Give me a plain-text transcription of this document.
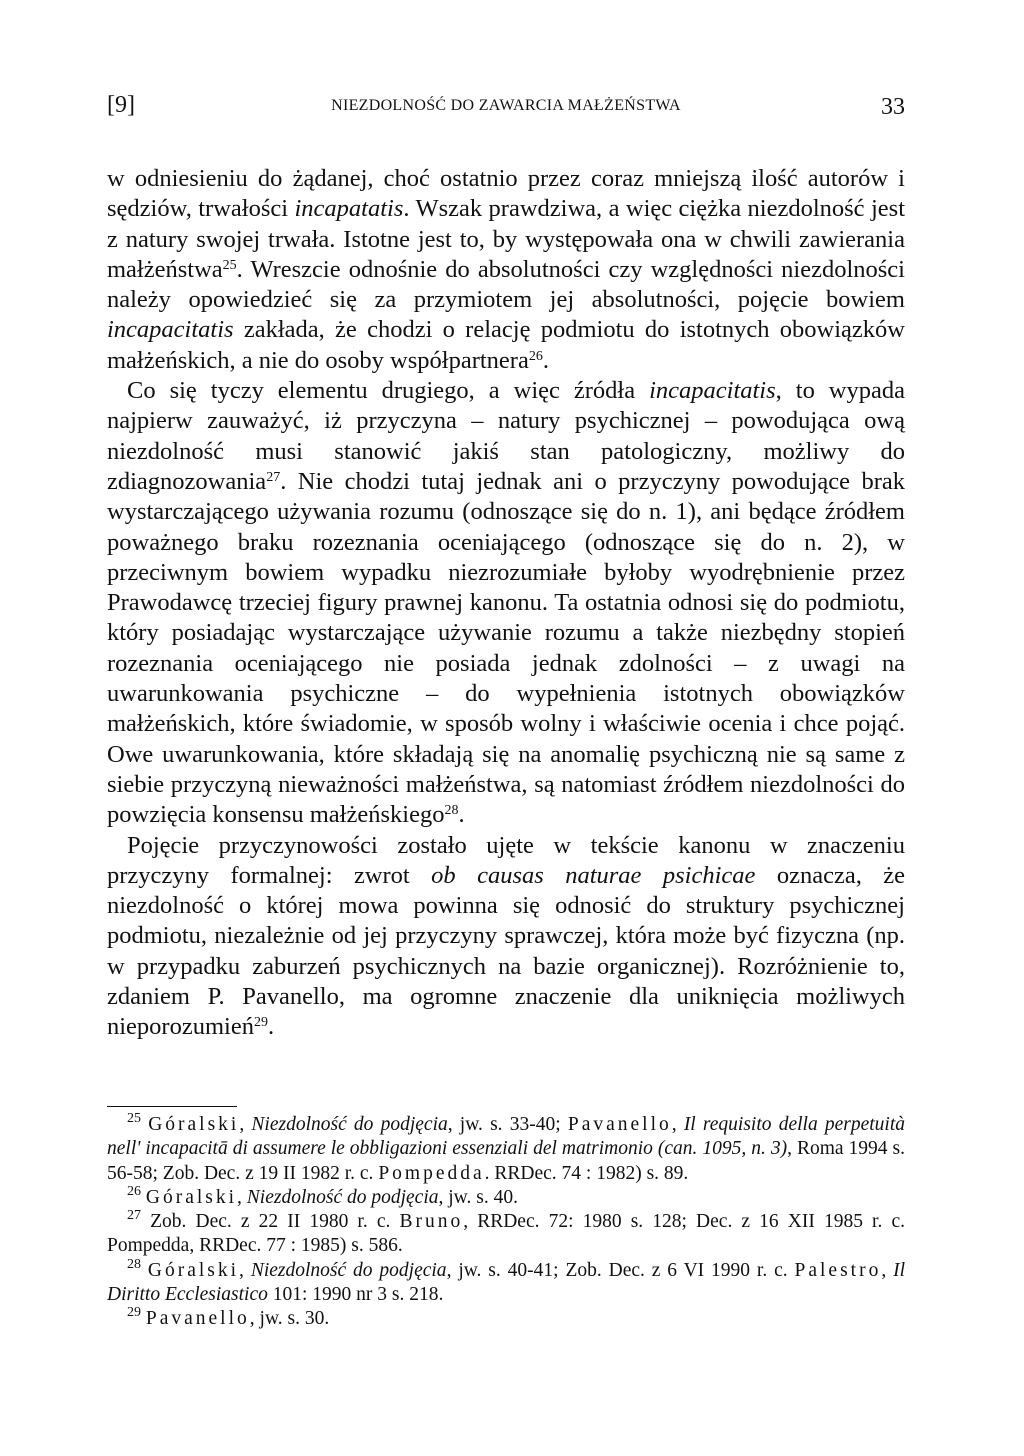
[9]	NIEZDOLNOŚĆ DO ZAWARCIA MAŁŻEŃSTWA	33

w odniesieniu do żądanej, choć ostatnio przez coraz mniejszą ilość autorów i sędziów, trwałości incapatatis. Wszak prawdziwa, a więc ciężka niezdolność jest z natury swojej trwała. Istotne jest to, by występowała ona w chwili zawierania małżeństwa$^{25}$. Wreszcie odnośnie do absolutności czy względności niezdolności należy opowiedzieć się za przymiotem jej absolutności, pojęcie bowiem incapacitatis zakłada, że chodzi o relację podmiotu do istotnych obowiązków małżeńskich, a nie do osoby współpartnera$^{26}$.

Co się tyczy elementu drugiego, a więc źródła incapacitatis, to wypada najpierw zauważyć, iż przyczyna – natury psychicznej – powodująca ową niezdolność musi stanowić jakiś stan patologiczny, możliwy do zdiagnozowania$^{27}$. Nie chodzi tutaj jednak ani o przyczyny powodujące brak wystarczającego używania rozumu (odnoszące się do n. 1), ani będące źródłem poważnego braku rozeznania oceniającego (odnoszące się do n. 2), w przeciwnym bowiem wypadku niezrozumiałe byłoby wyodrębnienie przez Prawodawcę trzeciej figury prawnej kanonu. Ta ostatnia odnosi się do podmiotu, który posiadając wystarczające używanie rozumu a także niezbędny stopień rozeznania oceniającego nie posiada jednak zdolności – z uwagi na uwarunkowania psychiczne – do wypełnienia istotnych obowiązków małżeńskich, które świadomie, w sposób wolny i właściwie ocenia i chce pojąć. Owe uwarunkowania, które składają się na anomalię psychiczną nie są same z siebie przyczyną nieważności małżeństwa, są natomiast źródłem niezdolności do powzięcia konsensu małżeńskiego$^{28}$.

Pojęcie przyczynowości zostało ujęte w tekście kanonu w znaczeniu przyczyny formalnej: zwrot ob causas naturae psichicae oznacza, że niezdolność o której mowa powinna się odnosić do struktury psychicznej podmiotu, niezależnie od jej przyczyny sprawczej, która może być fizyczna (np. w przypadku zaburzeń psychicznych na bazie organicznej). Rozróżnienie to, zdaniem P. Pavanello, ma ogromne znaczenie dla uniknięcia możliwych nieporozumień$^{29}$.

$^{25}$ Góralski, Niezdolność do podjęcia, jw. s. 33-40; Pavanello, Il requisito della perpetuità nell' incapacitā di assumere le obbligazioni essenziali del matrimonio (can. 1095, n. 3), Roma 1994 s. 56-58; Zob. Dec. z 19 II 1982 r. c. Pompedda. RRDec. 74 : 1982) s. 89.

$^{26}$ Góralski, Niezdolność do podjęcia, jw. s. 40.

$^{27}$ Zob. Dec. z 22 II 1980 r. c. Bruno, RRDec. 72: 1980 s. 128; Dec. z 16 XII 1985 r. c. Pompedda, RRDec. 77 : 1985) s. 586.

$^{28}$ Góralski, Niezdolność do podjęcia, jw. s. 40-41; Zob. Dec. z 6 VI 1990 r. c. Palestro, Il Diritto Ecclesiastico 101: 1990 nr 3 s. 218.

$^{29}$ Pavanello, jw. s. 30.
